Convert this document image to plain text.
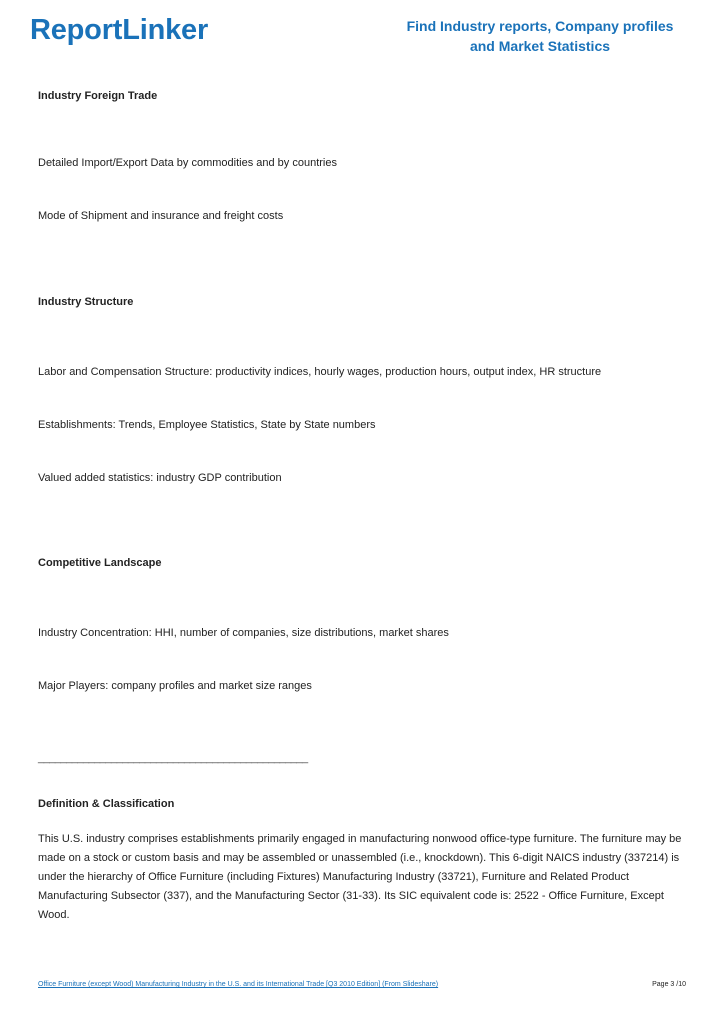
ReportLinker	Find Industry reports, Company profiles
and Market Statistics
Industry Foreign Trade
Detailed Import/Export Data by commodities and by countries
Mode of Shipment and insurance and freight costs
Industry Structure
Labor and Compensation Structure: productivity indices, hourly wages, production hours, output index, HR structure
Establishments: Trends, Employee Statistics, State by State numbers
Valued added statistics: industry GDP contribution
Competitive Landscape
Industry Concentration: HHI, number of companies, size distributions, market shares
Major Players: company profiles and market size ranges
________________________________________________
Definition & Classification

This U.S. industry comprises establishments primarily engaged in manufacturing nonwood office-type furniture. The furniture may be

made on a stock or custom basis and may be assembled or unassembled (i.e., knockdown). This 6-digit NAICS industry (337214) is

under the hierarchy of Office Furniture (including Fixtures) Manufacturing Industry (33721), Furniture and Related Product

Manufacturing Subsector (337), and the Manufacturing Sector (31-33). Its SIC equivalent code is: 2522 - Office Furniture, Except

Wood.

Office Furniture (except Wood) Manufacturing Industry in the U.S. and its International Trade [Q3 2010 Edition] (From Slideshare)	Page 3 /10
